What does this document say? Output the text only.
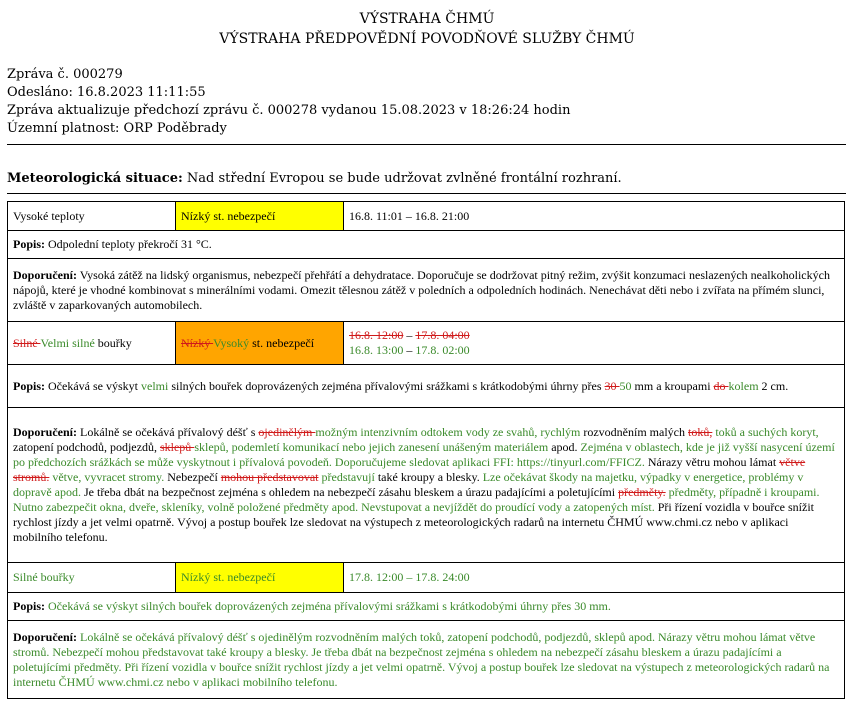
VÝSTRAHA ČHMÚ
VÝSTRAHA PŘEDPOVĚDNÍ POVODŇOVÉ SLUŽBY ČHMÚ
Zpráva č. 000279
Odesláno: 16.8.2023 11:11:55
Zpráva aktualizuje předchozí zprávu č. 000278 vydanou 15.08.2023 v 18:26:24 hodin
Územní platnost: ORP Poděbrady
Meteorologická situace: Nad střední Evropou se bude udržovat zvlněné frontální rozhraní.
Vysoké teploty	Nízký st. nebezpečí	16.8. 11:01 – 16.8. 21:00
Popis: Odpolední teploty překročí 31 °C.		
Doporučení: Vysoká zátěž na lidský organismus, nebezpečí přehřátí a dehydratace. Doporučuje se dodržovat pitný režim, zvýšit konzumaci neslazených nealkoholických nápojů, které je vhodné kombinovat s minerálními vodami. Omezit tělesnou zátěž v poledních a odpoledních hodinách. Nenechávat děti nebo i zvířata na přímém slunci, zvláště v zaparkovaných automobilech.		
Silné Velmi silné bouřky	Nízký Vysoký st. nebezpečí	16.8. 12:00 – 17.8. 04:00
16.8. 13:00 – 17.8. 02:00

Popis: Očekává se výskyt velmi silných bouřek doprovázených zejména přívalovými srážkami s krátkodobými úhrny přes 30 50 mm a kroupami do kolem 2 cm.		
Doporučení: Lokálně se očekává přívalový déšť s ojedinělým možným intenzivním odtokem vody ze svahů, rychlým rozvodněním malých toků, toků a suchých koryt, zatopení podchodů, podjezdů, sklepů sklepů, podemletí komunikací nebo jejich zanesení unášeným materiálem apod. Zejména v oblastech, kde je již vyšší nasycení území po předchozích srážkách se může vyskytnout i přívalová povodeň. Doporučujeme sledovat aplikaci FFI: https://tinyurl.com/FFICZ. Nárazy větru mohou lámat větve stromů. větve, vyvracet stromy. Nebezpečí mohou představovat představují také kroupy a blesky. Lze očekávat škody na majetku, výpadky v energetice, problémy v dopravě apod. Je třeba dbát na bezpečnost zejména s ohledem na nebezpečí zásahu bleskem a úrazu padajícími a poletujícími předměty. předměty, případně i kroupami. Nutno zabezpečit okna, dveře, skleníky, volně položené předměty apod. Nevstupovat a nevjíždět do proudící vody a zatopených míst. Při řízení vozidla v bouřce snížit rychlost jízdy a jet velmi opatrně. Vývoj a postup bouřek lze sledovat na výstupech z meteorologických radarů na internetu ČHMÚ www.chmi.cz nebo v aplikaci mobilního telefonu.		
Silné bouřky	Nízký st. nebezpečí	17.8. 12:00 – 17.8. 24:00
Popis: Očekává se výskyt silných bouřek doprovázených zejména přívalovými srážkami s krátkodobými úhrny přes 30 mm.		
Doporučení: Lokálně se očekává přívalový déšť s ojedinělým rozvodněním malých toků, zatopení podchodů, podjezdů, sklepů apod. Nárazy větru mohou lámat větve stromů. Nebezpečí mohou představovat také kroupy a blesky. Je třeba dbát na bezpečnost zejména s ohledem na nebezpečí zásahu bleskem a úrazu padajícími a poletujícími předměty. Při řízení vozidla v bouřce snížit rychlost jízdy a jet velmi opatrně. Vývoj a postup bouřek lze sledovat na výstupech z meteorologických radarů na internetu ČHMÚ www.chmi.cz nebo v aplikaci mobilního telefonu.		
